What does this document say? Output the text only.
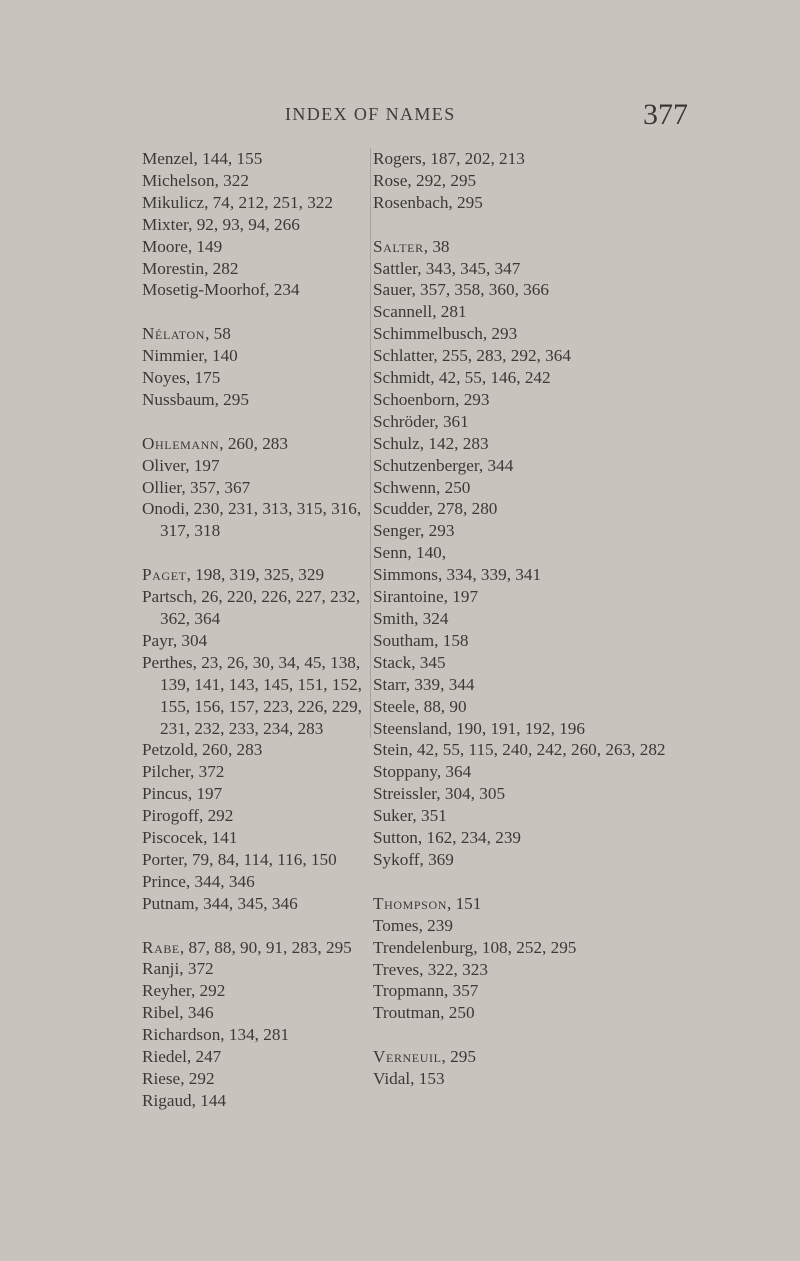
INDEX OF NAMES	377
Menzel, 144, 155
Michelson, 322
Mikulicz, 74, 212, 251, 322
Mixter, 92, 93, 94, 266
Moore, 149
Morestin, 282
Mosetig-Moorhof, 234
Nélaton, 58
Nimmier, 140
Noyes, 175
Nussbaum, 295
Ohlemann, 260, 283
Oliver, 197
Ollier, 357, 367
Onodi, 230, 231, 313, 315, 316, 317, 318
Paget, 198, 319, 325, 329
Partsch, 26, 220, 226, 227, 232, 362, 364
Payr, 304
Perthes, 23, 26, 30, 34, 45, 138, 139, 141, 143, 145, 151, 152, 155, 156, 157, 223, 226, 229, 231, 232, 233, 234, 283
Petzold, 260, 283
Pilcher, 372
Pincus, 197
Pirogoff, 292
Piscocek, 141
Porter, 79, 84, 114, 116, 150
Prince, 344, 346
Putnam, 344, 345, 346
Rabe, 87, 88, 90, 91, 283, 295
Ranji, 372
Reyher, 292
Ribel, 346
Richardson, 134, 281
Riedel, 247
Riese, 292
Rigaud, 144
Rogers, 187, 202, 213
Rose, 292, 295
Rosenbach, 295
Salter, 38
Sattler, 343, 345, 347
Sauer, 357, 358, 360, 366
Scannell, 281
Schimmelbusch, 293
Schlatter, 255, 283, 292, 364
Schmidt, 42, 55, 146, 242
Schoenborn, 293
Schröder, 361
Schulz, 142, 283
Schutzenberger, 344
Schwenn, 250
Scudder, 278, 280
Senger, 293
Senn, 140,
Simmons, 334, 339, 341
Sirantoine, 197
Smith, 324
Southam, 158
Stack, 345
Starr, 339, 344
Steele, 88, 90
Steensland, 190, 191, 192, 196
Stein, 42, 55, 115, 240, 242, 260, 263, 282
Stoppany, 364
Streissler, 304, 305
Suker, 351
Sutton, 162, 234, 239
Sykoff, 369
Thompson, 151
Tomes, 239
Trendelenburg, 108, 252, 295
Treves, 322, 323
Tropmann, 357
Troutman, 250
Verneuil, 295
Vidal, 153
